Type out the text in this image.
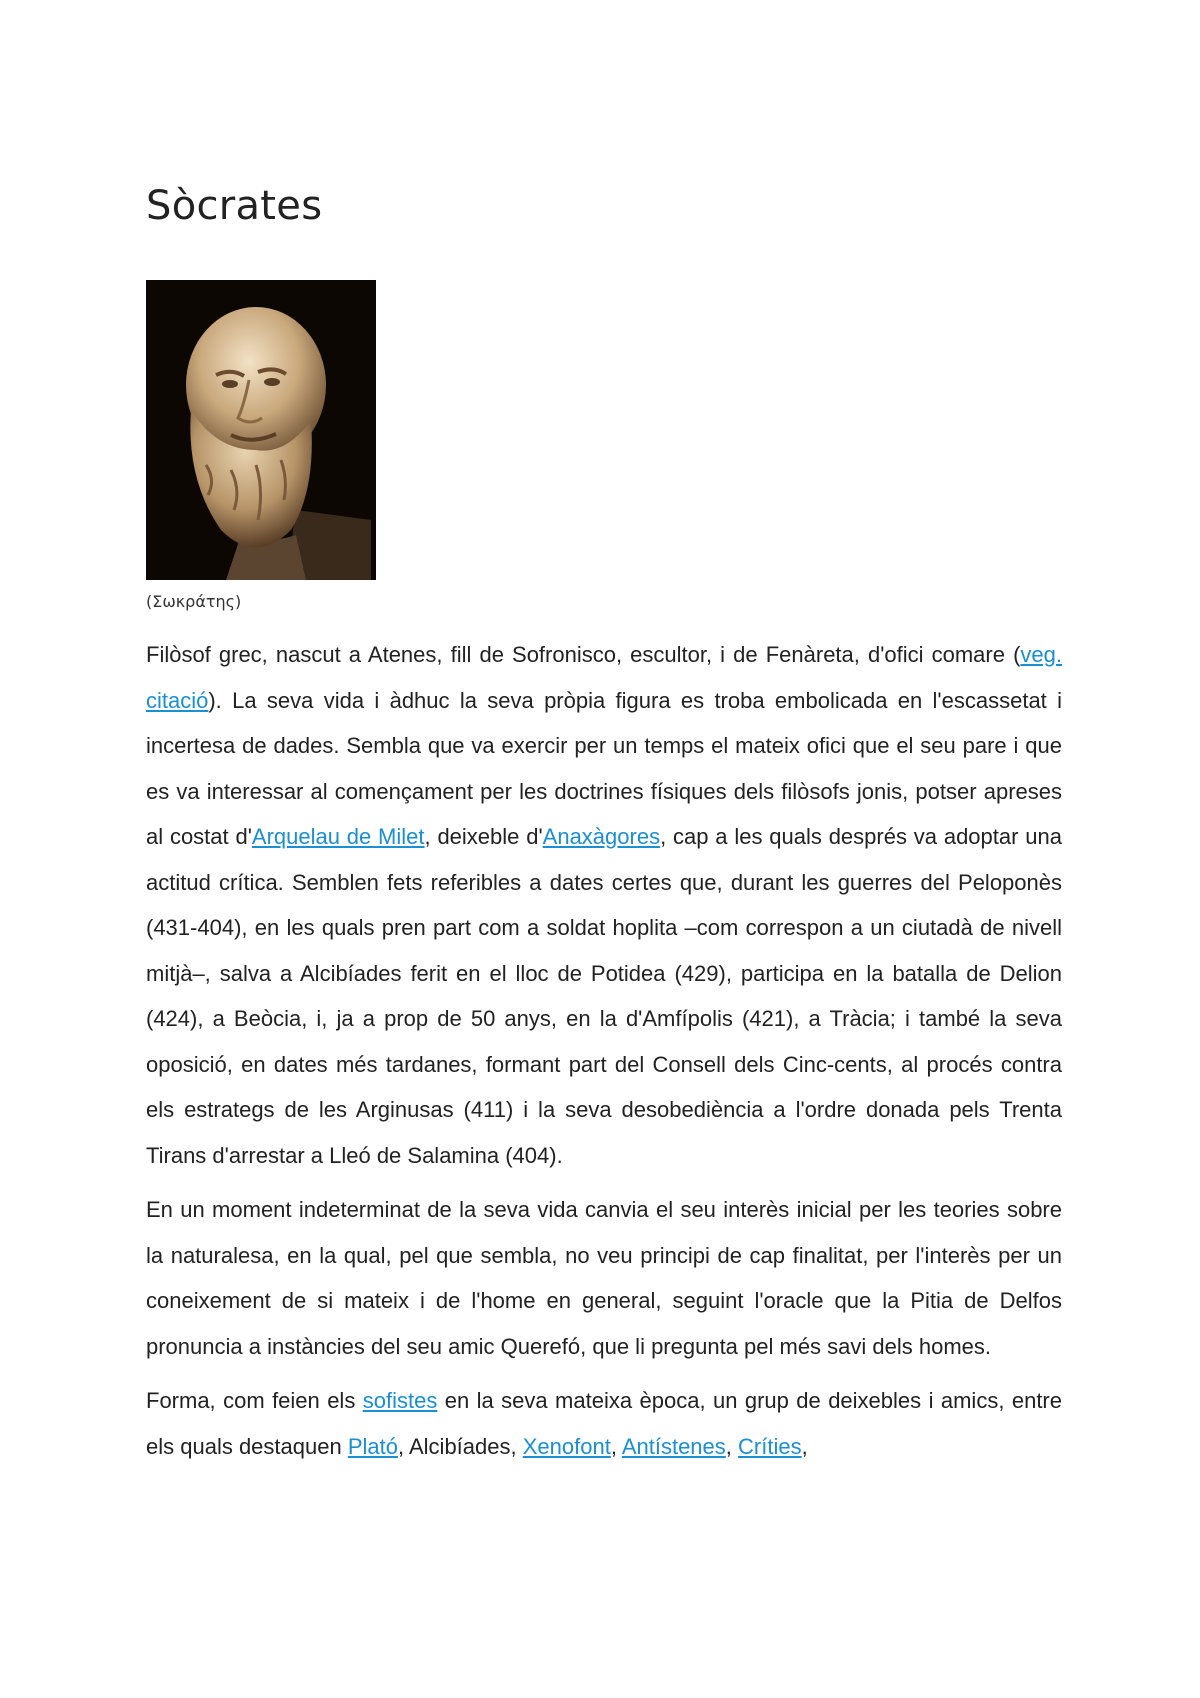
Sòcrates

(Σωκράτης)

Filòsof grec, nascut a Atenes, fill de Sofronisco, escultor, i de Fenàreta, d'ofici comare (veg. citació). La seva vida i àdhuc la seva pròpia figura es troba embolicada en l'escassetat i incertesa de dades. Sembla que va exercir per un temps el mateix ofici que el seu pare i que es va interessar al començament per les doctrines físiques dels filòsofs jonis, potser apreses al costat d'Arquelau de Milet, deixeble d'Anaxàgores, cap a les quals després va adoptar una actitud crítica. Semblen fets referibles a dates certes que, durant les guerres del Peloponès (431-404), en les quals pren part com a soldat hoplita –com correspon a un ciutadà de nivell mitjà–, salva a Alcibíades ferit en el lloc de Potidea (429), participa en la batalla de Delion (424), a Beòcia, i, ja a prop de 50 anys, en la d'Amfípolis (421), a Tràcia; i també la seva oposició, en dates més tardanes, formant part del Consell dels Cinc-cents, al procés contra els estrategs de les Arginusas (411) i la seva desobediència a l'ordre donada pels Trenta Tirans d'arrestar a Lleó de Salamina (404).

En un moment indeterminat de la seva vida canvia el seu interès inicial per les teories sobre la naturalesa, en la qual, pel que sembla, no veu principi de cap finalitat, per l'interès per un coneixement de si mateix i de l'home en general, seguint l'oracle que la Pitia de Delfos pronuncia a instàncies del seu amic Querefó, que li pregunta pel més savi dels homes.

Forma, com feien els sofistes en la seva mateixa època, un grup de deixebles i amics, entre els quals destaquen Plató, Alcibíades, Xenofont, Antístenes, Críties,
